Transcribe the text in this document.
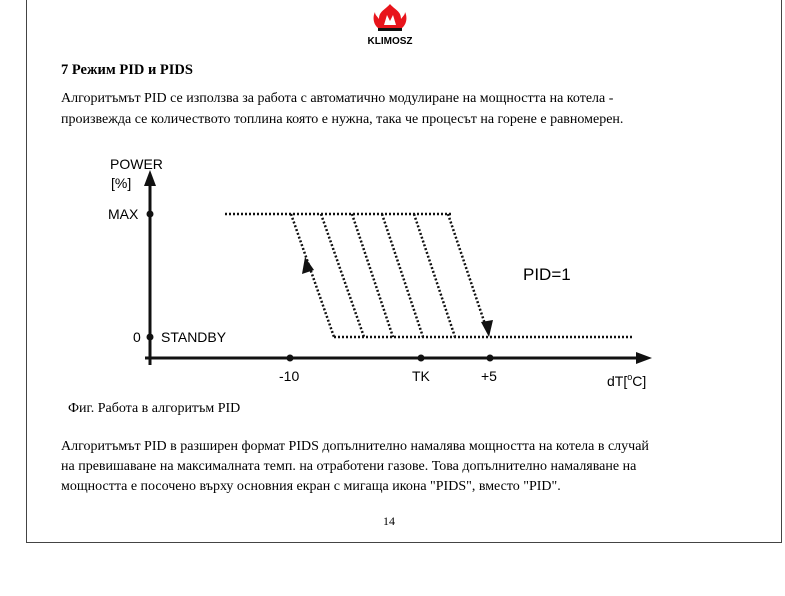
KLIMOSZ
7 Режим PID и PIDS
Алгоритъмът PID се използва за работа с автоматично модулиране на мощността на котела -
произвежда се количеството топлина която е нужна, така че процесът на горене е равномерен.
POWER
[%]
MAX
0 STANDBY
-10	TK	+5	dT[$^o$C]
PID=1
Фиг. Работа в алгоритъм PID
Алгоритъмът PID в разширен формат PIDS допълнително намалява мощността на котела в случай
на превишаване на максималната темп. на отработени газове. Това допълнително намаляване на
мощността е посочено върху основния екран с мигаща икона "PIDS", вместо "PID".
14
